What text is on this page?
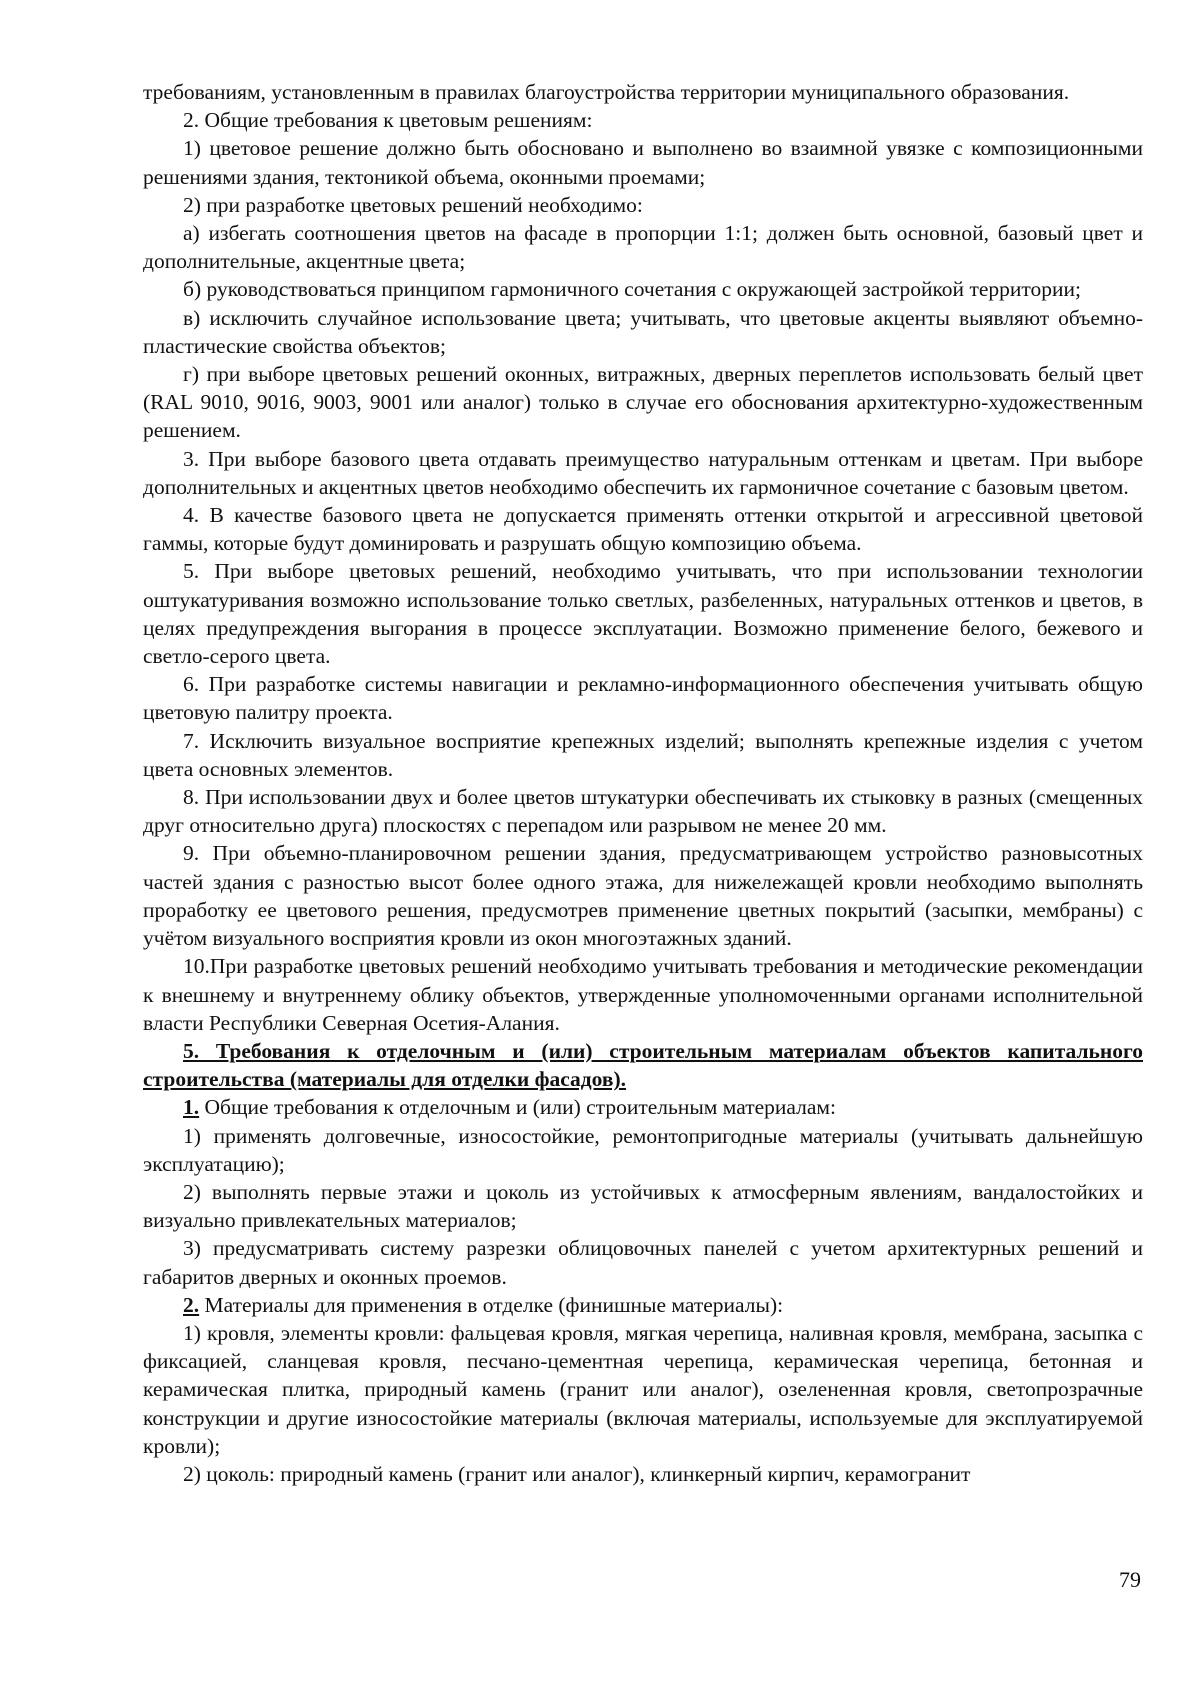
требованиям, установленным в правилах благоустройства территории муниципального образования.

2. Общие требования к цветовым решениям:

1) цветовое решение должно быть обосновано и выполнено во взаимной увязке с композиционными решениями здания, тектоникой объема, оконными проемами;

2) при разработке цветовых решений необходимо:

а) избегать соотношения цветов на фасаде в пропорции 1:1; должен быть основной, базовый цвет и дополнительные, акцентные цвета;

б) руководствоваться принципом гармоничного сочетания с окружающей застройкой территории;

в) исключить случайное использование цвета; учитывать, что цветовые акценты выявляют объемно-пластические свойства объектов;

г) при выборе цветовых решений оконных, витражных, дверных переплетов использовать белый цвет (RAL 9010, 9016, 9003, 9001 или аналог) только в случае его обоснования архитектурно-художественным решением.

3. При выборе базового цвета отдавать преимущество натуральным оттенкам и цветам. При выборе дополнительных и акцентных цветов необходимо обеспечить их гармоничное сочетание с базовым цветом.

4. В качестве базового цвета не допускается применять оттенки открытой и агрессивной цветовой гаммы, которые будут доминировать и разрушать общую композицию объема.

5. При выборе цветовых решений, необходимо учитывать, что при использовании технологии оштукатуривания возможно использование только светлых, разбеленных, натуральных оттенков и цветов, в целях предупреждения выгорания в процессе эксплуатации. Возможно применение белого, бежевого и светло-серого цвета.

6. При разработке системы навигации и рекламно-информационного обеспечения учитывать общую цветовую палитру проекта.

7. Исключить визуальное восприятие крепежных изделий; выполнять крепежные изделия с учетом цвета основных элементов.

8. При использовании двух и более цветов штукатурки обеспечивать их стыковку в разных (смещенных друг относительно друга) плоскостях с перепадом или разрывом не менее 20 мм.

9. При объемно-планировочном решении здания, предусматривающем устройство разновысотных частей здания с разностью высот более одного этажа, для нижележащей кровли необходимо выполнять проработку ее цветового решения, предусмотрев применение цветных покрытий (засыпки, мембраны) с учётом визуального восприятия кровли из окон многоэтажных зданий.

10.При разработке цветовых решений необходимо учитывать требования и методические рекомендации к внешнему и внутреннему облику объектов, утвержденные уполномоченными органами исполнительной власти Республики Северная Осетия-Алания.

5. Требования к отделочным и (или) строительным материалам объектов капитального строительства (материалы для отделки фасадов).

1. Общие требования к отделочным и (или) строительным материалам:

1) применять долговечные, износостойкие, ремонтопригодные материалы (учитывать дальнейшую эксплуатацию);

2) выполнять первые этажи и цоколь из устойчивых к атмосферным явлениям, вандалостойких и визуально привлекательных материалов;

3) предусматривать систему разрезки облицовочных панелей с учетом архитектурных решений и габаритов дверных и оконных проемов.

2. Материалы для применения в отделке (финишные материалы):

1) кровля, элементы кровли: фальцевая кровля, мягкая черепица, наливная кровля, мембрана, засыпка с фиксацией, сланцевая кровля, песчано-цементная черепица, керамическая черепица, бетонная и керамическая плитка, природный камень (гранит или аналог), озелененная кровля, светопрозрачные конструкции и другие износостойкие материалы (включая материалы, используемые для эксплуатируемой кровли);

2) цоколь: природный камень (гранит или аналог), клинкерный кирпич, керамогранит

79
